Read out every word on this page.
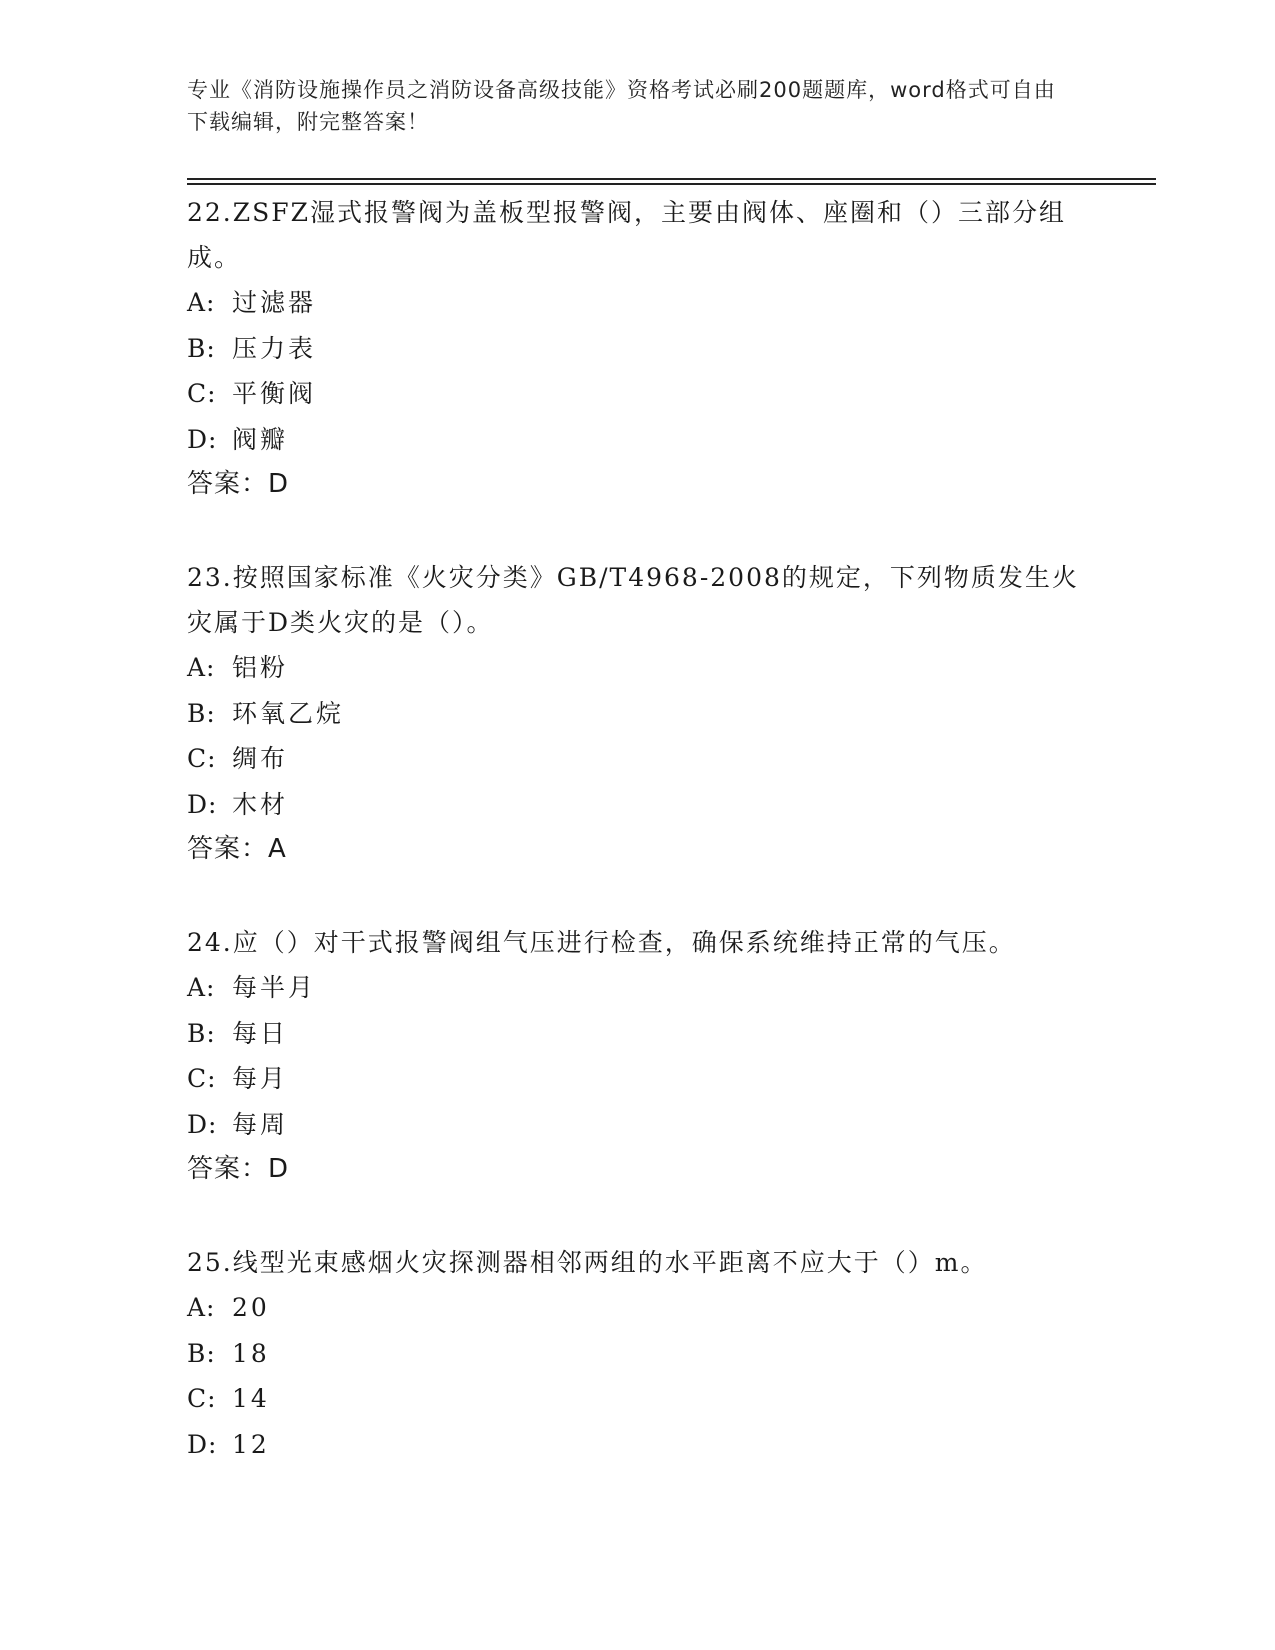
专业《消防设施操作员之消防设备高级技能》资格考试必刷200题题库，word格式可自由下载编辑，附完整答案！
22.ZSFZ湿式报警阀为盖板型报警阀，主要由阀体、座圈和（）三部分组成。
A: 过滤器
B: 压力表
C: 平衡阀
D: 阀瓣
答案：D
23.按照国家标准《火灾分类》GB/T4968-2008的规定，下列物质发生火灾属于D类火灾的是（）。
A: 铝粉
B: 环氧乙烷
C: 绸布
D: 木材
答案：A
24.应（）对干式报警阀组气压进行检查，确保系统维持正常的气压。
A: 每半月
B: 每日
C: 每月
D: 每周
答案：D
25.线型光束感烟火灾探测器相邻两组的水平距离不应大于（）m。
A: 20
B: 18
C: 14
D: 12
